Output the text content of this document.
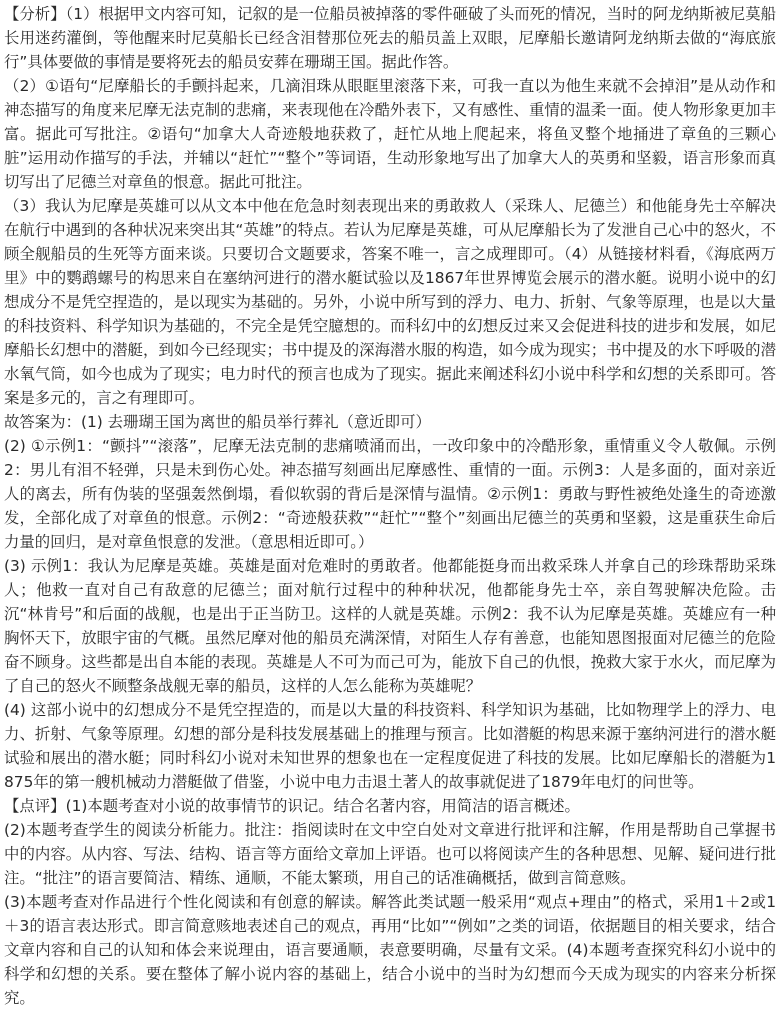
【分析】（1）根据甲文内容可知，记叙的是一位船员被掉落的零件砸破了头而死的情况，当时的阿龙纳斯被尼莫船长用迷药灌倒，等他醒来时尼莫船长已经含泪替那位死去的船员盖上双眼，尼摩船长邀请阿龙纳斯去做的“海底旅行”具体要做的事情是要将死去的船员安葬在珊瑚王国。据此作答。

（2）①语句“尼摩船长的手颤抖起来，几滴泪珠从眼眶里滚落下来，可我一直以为他生来就不会掉泪”是从动作和神态描写的角度来尼摩无法克制的悲痛，来表现他在冷酷外表下，又有感性、重情的温柔一面。使人物形象更加丰富。据此可写批注。②语句“加拿大人奇迹般地获救了，赶忙从地上爬起来，将鱼叉整个地捅进了章鱼的三颗心脏”运用动作描写的手法，并辅以“赶忙”“整个”等词语，生动形象地写出了加拿大人的英勇和坚毅，语言形象而真切写出了尼德兰对章鱼的恨意。据此可批注。

（3）我认为尼摩是英雄可以从文本中他在危急时刻表现出来的勇敢救人（采珠人、尼德兰）和他能身先士卒解决在航行中遇到的各种状况来突出其“英雄”的特点。若认为尼摩是英雄，可从尼摩船长为了发泄自己心中的怒火，不顾全舰船员的生死等方面来谈。只要切合文题要求，答案不唯一，言之成理即可。（4）从链接材料看，《海底两万里》中的鹦鹉螺号的构思来自在塞纳河进行的潜水艇试验以及1867年世界博览会展示的潜水艇。说明小说中的幻想成分不是凭空捏造的，是以现实为基础的。另外，小说中所写到的浮力、电力、折射、气象等原理，也是以大量的科技资料、科学知识为基础的，不完全是凭空臆想的。而科幻中的幻想反过来又会促进科技的进步和发展，如尼摩船长幻想中的潜艇，到如今已经现实；书中提及的深海潜水服的构造，如今成为现实；书中提及的水下呼吸的潜水氧气筒，如今也成为了现实；电力时代的预言也成为了现实。据此来阐述科幻小说中科学和幻想的关系即可。答案是多元的，言之有理即可。

故答案为：(1) 去珊瑚王国为离世的船员举行葬礼（意近即可）

(2) ①示例1：“颤抖”“滚落”，尼摩无法克制的悲痛喷涌而出，一改印象中的冷酷形象，重情重义令人敬佩。示例2：男儿有泪不轻弹，只是未到伤心处。神态描写刻画出尼摩感性、重情的一面。示例3：人是多面的，面对亲近人的离去，所有伪装的坚强轰然倒塌，看似软弱的背后是深情与温情。②示例1：勇敢与野性被绝处逢生的奇迹激发，全部化成了对章鱼的恨意。示例2：“奇迹般获救”“赶忙”“整个”刻画出尼德兰的英勇和坚毅，这是重获生命后力量的回归，是对章鱼恨意的发泄。（意思相近即可。）

(3) 示例1：我认为尼摩是英雄。英雄是面对危难时的勇敢者。他都能挺身而出救采珠人并拿自己的珍珠帮助采珠人；他救一直对自己有敌意的尼德兰；面对航行过程中的种种状况，他都能身先士卒，亲自驾驶解决危险。击沉“林肯号”和后面的战舰，也是出于正当防卫。这样的人就是英雄。示例2：我不认为尼摩是英雄。英雄应有一种胸怀天下，放眼宇宙的气概。虽然尼摩对他的船员充满深情，对陌生人存有善意，也能知恩图报面对尼德兰的危险奋不顾身。这些都是出自本能的表现。英雄是人不可为而己可为，能放下自己的仇恨，挽救大家于水火，而尼摩为了自己的怒火不顾整条战舰无辜的船员，这样的人怎么能称为英雄呢？

(4) 这部小说中的幻想成分不是凭空捏造的，而是以大量的科技资料、科学知识为基础，比如物理学上的浮力、电力、折射、气象等原理。幻想的部分是科技发展基础上的推理与预言。比如潜艇的构思来源于塞纳河进行的潜水艇试验和展出的潜水艇；同时科幻小说对未知世界的想象也在一定程度促进了科技的发展。比如尼摩船长的潜艇为1875年的第一艘机械动力潜艇做了借鉴，小说中电力击退土著人的故事就促进了1879年电灯的问世等。

【点评】(1)本题考查对小说的故事情节的识记。结合名著内容，用简洁的语言概述。

(2)本题考查学生的阅读分析能力。批注：指阅读时在文中空白处对文章进行批评和注解，作用是帮助自己掌握书中的内容。从内容、写法、结构、语言等方面给文章加上评语。也可以将阅读产生的各种思想、见解、疑问进行批注。“批注”的语言要简洁、精练、通顺，不能太繁琐，用自己的话准确概括，做到言简意赅。

(3)本题考查对作品进行个性化阅读和有创意的解读。解答此类试题一般采用“观点+理由”的格式，采用1＋2或1＋3的语言表达形式。即言简意赅地表述自己的观点，再用“比如”“例如”之类的词语，依据题目的相关要求，结合文章内容和自己的认知和体会来说理由，语言要通顺，表意要明确，尽量有文采。(4)本题考查探究科幻小说中的科学和幻想的关系。要在整体了解小说内容的基础上，结合小说中的当时为幻想而今天成为现实的内容来分析探究。
